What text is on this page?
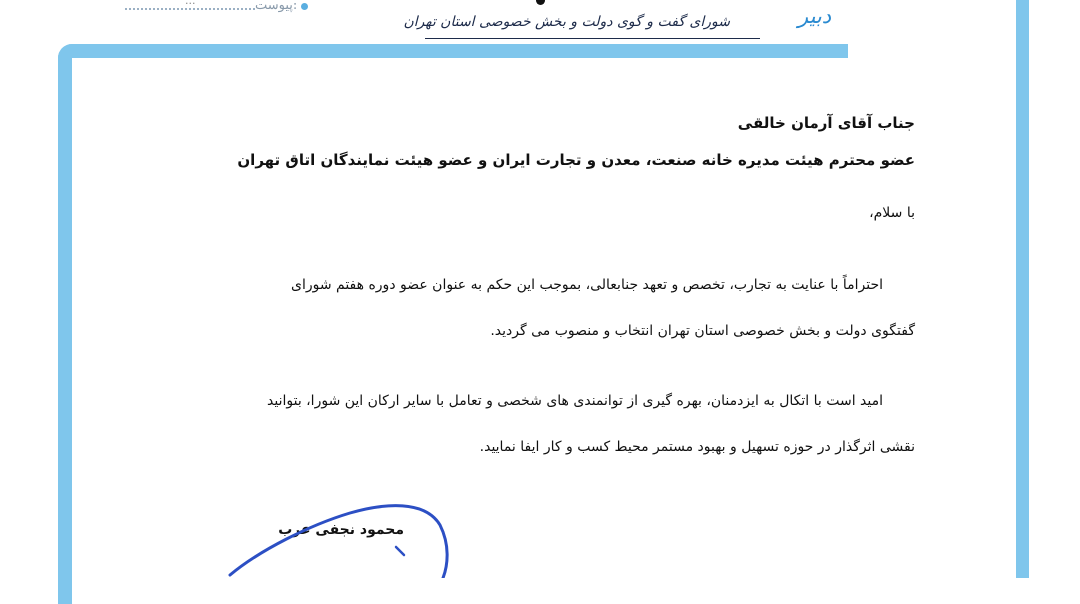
...	پیوست:
شورای گفت و گوی دولت و بخش خصوصی استان تهران	دبیر
جناب آقای آرمان خالقی
عضو محترم هیئت مدیره خانه صنعت، معدن و تجارت ایران و عضو هیئت نمایندگان اتاق تهران
با سلام،
احتراماً با عنایت به تجارب، تخصص و تعهد جنابعالی، بموجب این حکم به عنوان عضو دوره هفتم شورای
گفتگوی دولت و بخش خصوصی استان تهران انتخاب و منصوب می گردید.
امید است با اتکال به ایزدمنان، بهره گیری از توانمندی های شخصی و تعامل با سایر ارکان این شورا، بتوانید
نقشی اثرگذار در حوزه تسهیل و بهبود مستمر محیط کسب و کار ایفا نمایید.
محمود نجفی عرب
